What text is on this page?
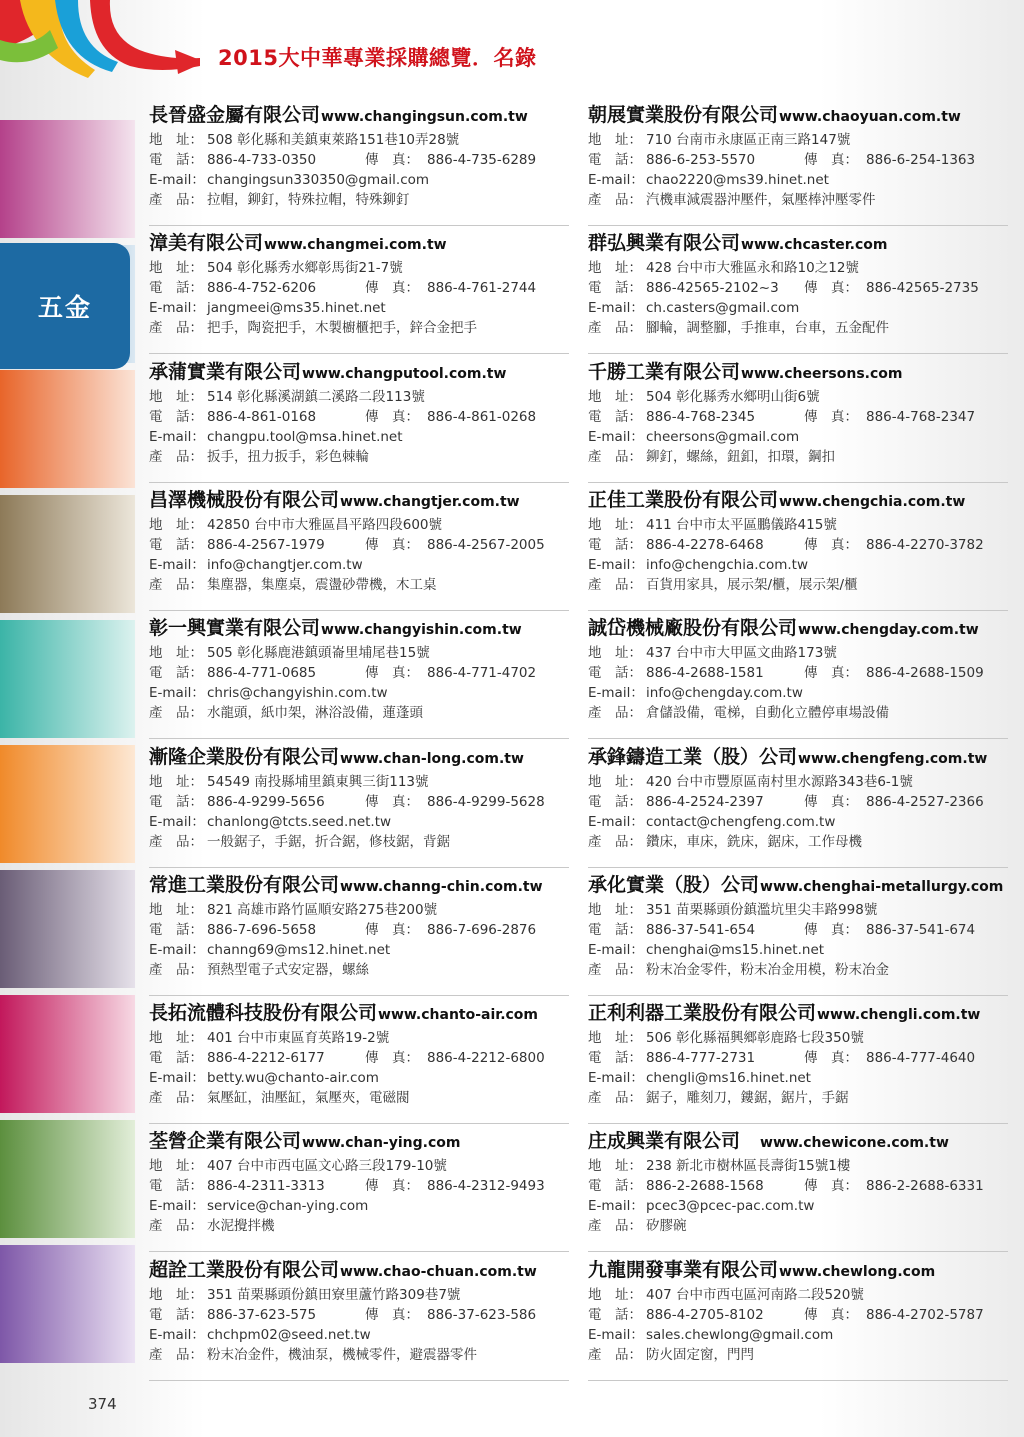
2015大中華專業採購總覽．名錄
五金
長晉盛金屬有限公司www.changingsun.com.tw
地　址： 508 彰化縣和美鎮東萊路151巷10弄28號
電　話： 886-4-733-0350	傳　真： 886-4-735-6289
E-mail： changingsun330350@gmail.com
產　品： 拉帽，鉚釘，特殊拉帽，特殊鉚釘
朝展實業股份有限公司www.chaoyuan.com.tw
地　址： 710 台南市永康區正南三路147號
電　話： 886-6-253-5570	傳　真： 886-6-254-1363
E-mail： chao2220@ms39.hinet.net
產　品： 汽機車減震器沖壓件，氣壓棒沖壓零件
漳美有限公司www.changmei.com.tw
地　址： 504 彰化縣秀水鄉彰馬街21-7號
電　話： 886-4-752-6206	傳　真： 886-4-761-2744
E-mail： jangmeei@ms35.hinet.net
產　品： 把手，陶瓷把手，木製櫥櫃把手，鋅合金把手
群弘興業有限公司www.chcaster.com
地　址： 428 台中市大雅區永和路10之12號
電　話： 886-42565-2102~3 傳　真： 886-42565-2735
E-mail： ch.casters@gmail.com
產　品： 腳輪，調整腳，手推車，台車，五金配件
承蒲實業有限公司www.changputool.com.tw
地　址： 514 彰化縣溪湖鎮二溪路二段113號
電　話： 886-4-861-0168	傳　真： 886-4-861-0268
E-mail： changpu.tool@msa.hinet.net
產　品： 扳手，扭力扳手，彩色棘輪
千勝工業有限公司www.cheersons.com
地　址： 504 彰化縣秀水鄉明山街6號
電　話： 886-4-768-2345	傳　真： 886-4-768-2347
E-mail： cheersons@gmail.com
產　品： 鉚釘，螺絲，鈕釦，扣環，鋼扣
昌澤機械股份有限公司www.changtjer.com.tw
地　址： 42850 台中市大雅區昌平路四段600號
電　話： 886-4-2567-1979	傳　真： 886-4-2567-2005
E-mail： info@changtjer.com.tw
產　品： 集塵器，集塵桌，震盪砂帶機，木工桌
正佳工業股份有限公司www.chengchia.com.tw
地　址： 411 台中市太平區鵬儀路415號
電　話： 886-4-2278-6468	傳　真： 886-4-2270-3782
E-mail： info@chengchia.com.tw
產　品： 百貨用家具，展示架/櫃，展示架/櫃
彰一興實業有限公司www.changyishin.com.tw
地　址： 505 彰化縣鹿港鎮頭崙里埔尾巷15號
電　話： 886-4-771-0685	傳　真： 886-4-771-4702
E-mail： chris@changyishin.com.tw
產　品： 水龍頭，紙巾架，淋浴設備，蓮蓬頭
誠岱機械廠股份有限公司www.chengday.com.tw
地　址： 437 台中市大甲區文曲路173號
電　話： 886-4-2688-1581	傳　真： 886-4-2688-1509
E-mail： info@chengday.com.tw
產　品： 倉儲設備，電梯，自動化立體停車場設備
漸隆企業股份有限公司www.chan-long.com.tw
地　址： 54549 南投縣埔里鎮東興三街113號
電　話： 886-4-9299-5656	傳　真： 886-4-9299-5628
E-mail： chanlong@tcts.seed.net.tw
產　品： 一般鋸子，手鋸，折合鋸，修枝鋸，背鋸
承鋒鑄造工業（股）公司www.chengfeng.com.tw
地　址： 420 台中市豐原區南村里水源路343巷6-1號
電　話： 886-4-2524-2397	傳　真： 886-4-2527-2366
E-mail： contact@chengfeng.com.tw
產　品： 鑽床，車床，銑床，鋸床，工作母機
常進工業股份有限公司www.channg-chin.com.tw
地　址： 821 高雄市路竹區順安路275巷200號
電　話： 886-7-696-5658	傳　真： 886-7-696-2876
E-mail： channg69@ms12.hinet.net
產　品： 預熱型電子式安定器，螺絲
承化實業（股）公司www.chenghai-metallurgy.com
地　址： 351 苗栗縣頭份鎮濫坑里尖丰路998號
電　話： 886-37-541-654	傳　真： 886-37-541-674
E-mail： chenghai@ms15.hinet.net
產　品： 粉末冶金零件，粉末冶金用模，粉末冶金
長拓流體科技股份有限公司www.chanto-air.com
地　址： 401 台中市東區育英路19-2號
電　話： 886-4-2212-6177	傳　真： 886-4-2212-6800
E-mail： betty.wu@chanto-air.com
產　品： 氣壓缸，油壓缸，氣壓夾，電磁閥
正利利器工業股份有限公司www.chengli.com.tw
地　址： 506 彰化縣福興鄉彰鹿路七段350號
電　話： 886-4-777-2731	傳　真： 886-4-777-4640
E-mail： chengli@ms16.hinet.net
產　品： 鋸子，雕刻刀，鏤鋸，鋸片，手鋸
荃營企業有限公司www.chan-ying.com
地　址： 407 台中市西屯區文心路三段179-10號
電　話： 886-4-2311-3313	傳　真： 886-4-2312-9493
E-mail： service@chan-ying.com
產　品： 水泥攪拌機
庄成興業有限公司　www.chewicone.com.tw
地　址： 238 新北市樹林區長壽街15號1樓
電　話： 886-2-2688-1568	傳　真： 886-2-2688-6331
E-mail： pcec3@pcec-pac.com.tw
產　品： 矽膠碗
超詮工業股份有限公司www.chao-chuan.com.tw
地　址： 351 苗栗縣頭份鎮田寮里蘆竹路309巷7號
電　話： 886-37-623-575	傳　真： 886-37-623-586
E-mail： chchpm02@seed.net.tw
產　品： 粉末冶金件，機油泵，機械零件，避震器零件
九龍開發事業有限公司www.chewlong.com
地　址： 407 台中市西屯區河南路二段520號
電　話： 886-4-2705-8102	傳　真： 886-4-2702-5787
E-mail： sales.chewlong@gmail.com
產　品： 防火固定窗，門閂
374
